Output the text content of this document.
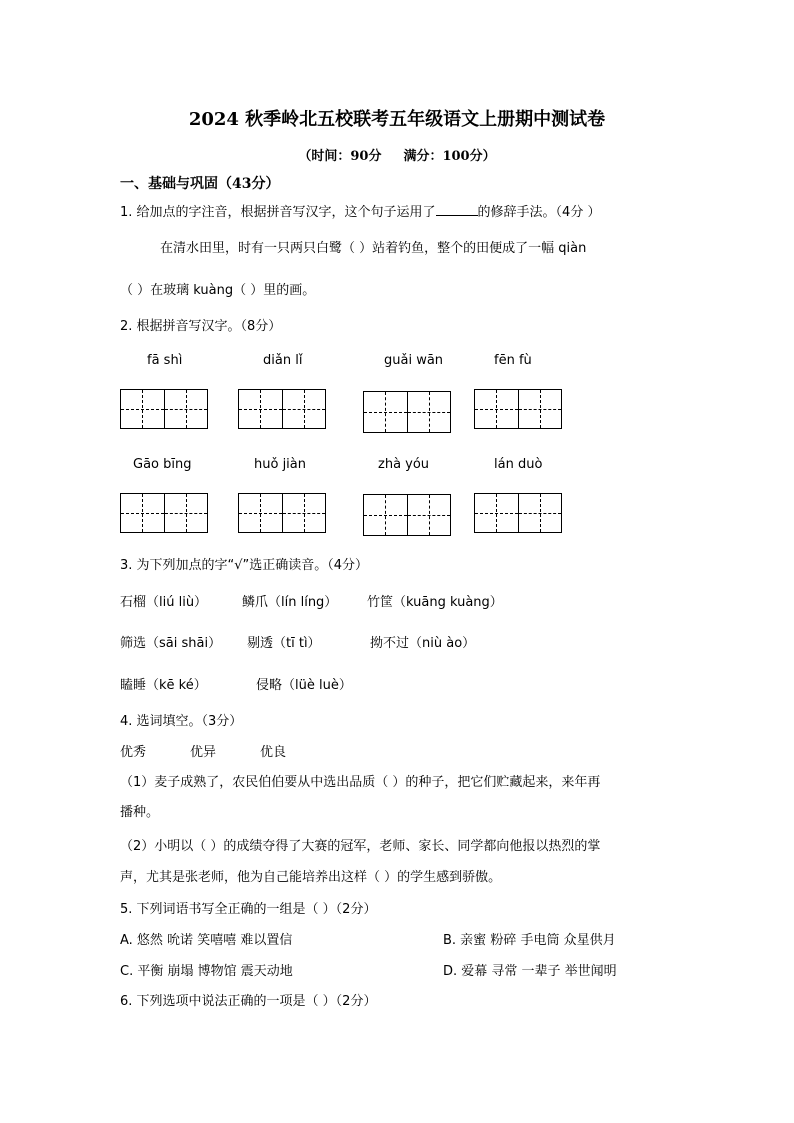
2024 秋季岭北五校联考五年级语文上册期中测试卷
（时间：90分 满分：100分）
一、基础与巩固（43分）
1. 给加点的字注音，根据拼音写汉字，这个句子运用了	的修辞手法。（4分 ）
在清水田里，时有一只两只白鹭（ ）站着钓鱼，整个的田便成了一幅 qiàn
（ ）在玻璃 kuàng（ ）里的画。
2. 根据拼音写汉字。（8分）
fā shì	diǎn lǐ	guǎi wān	fēn fù
Gāo bīng	huǒ jiàn	zhà yóu	lán duò
3. 为下列加点的字“√”选正确读音。（4分）
石榴（liú liù）	鳞爪（lín líng） 竹筐（kuāng kuàng）
筛选（sāi shāi） 剔透（tī tì）	拗不过（niù ào）
瞌睡（kē ké）	侵略（lüè luè）
4. 选词填空。（3分）
优秀	优异	优良
（1）麦子成熟了，农民伯伯要从中选出品质（ ）的种子，把它们贮藏起来，来年再
播种。
（2）小明以（ ）的成绩夺得了大赛的冠军，老师、家长、同学都向他报以热烈的掌
声，尤其是张老师，他为自己能培养出这样（ ）的学生感到骄傲。
5. 下列词语书写全正确的一组是（ ）（2分）
A. 悠然 吮诺 笑嘻嘻 难以置信	B. 亲蜜 粉碎 手电筒 众星供月
C. 平衡 崩塌 博物馆 震天动地	D. 爱幕 寻常 一辈子 举世闻明
6. 下列选项中说法正确的一项是（ ）（2分）
